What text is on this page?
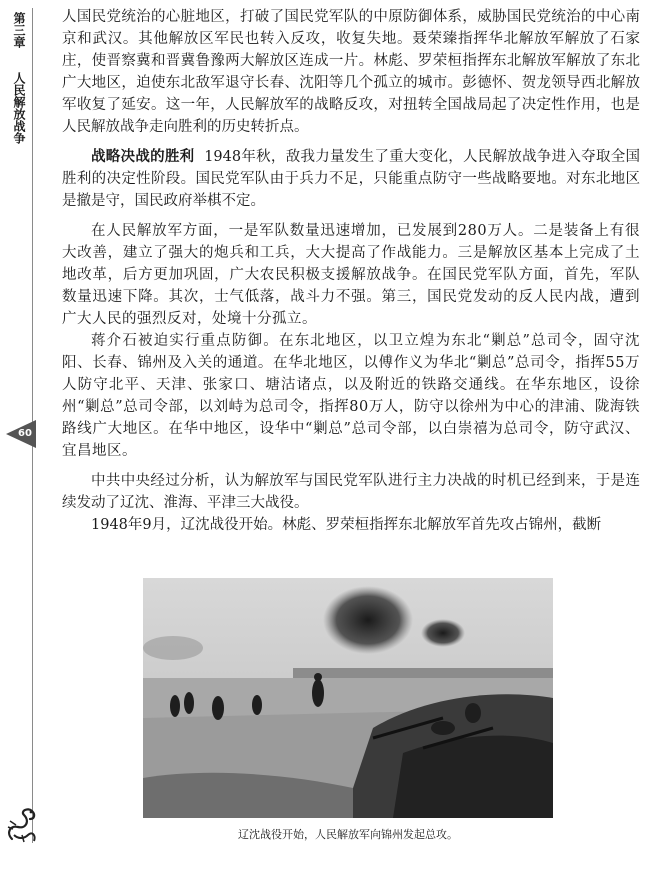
第三章
人民解放战争
60

人国民党统治的心脏地区，打破了国民党军队的中原防御体系，威胁国民党统治的中心南京和武汉。其他解放区军民也转入反攻，收复失地。聂荣臻指挥华北解放军解放了石家庄，使晋察冀和晋冀鲁豫两大解放区连成一片。林彪、罗荣桓指挥东北解放军解放了东北广大地区，迫使东北敌军退守长春、沈阳等几个孤立的城市。彭德怀、贺龙领导西北解放军收复了延安。这一年，人民解放军的战略反攻，对扭转全国战局起了决定性作用，也是人民解放战争走向胜利的历史转折点。

战略决战的胜利 1948年秋，敌我力量发生了重大变化，人民解放战争进入夺取全国胜利的决定性阶段。国民党军队由于兵力不足，只能重点防守一些战略要地。对东北地区是撤是守，国民政府举棋不定。

在人民解放军方面，一是军队数量迅速增加，已发展到280万人。二是装备上有很大改善，建立了强大的炮兵和工兵，大大提高了作战能力。三是解放区基本上完成了土地改革，后方更加巩固，广大农民积极支援解放战争。在国民党军队方面，首先，军队数量迅速下降。其次，士气低落，战斗力不强。第三，国民党发动的反人民内战，遭到广大人民的强烈反对，处境十分孤立。

蒋介石被迫实行重点防御。在东北地区，以卫立煌为东北“剿总”总司令，固守沈阳、长春、锦州及入关的通道。在华北地区，以傅作义为华北“剿总”总司令，指挥55万人防守北平、天津、张家口、塘沽诸点，以及附近的铁路交通线。在华东地区，设徐州“剿总”总司令部，以刘峙为总司令，指挥80万人，防守以徐州为中心的津浦、陇海铁路线广大地区。在华中地区，设华中“剿总”总司令部，以白崇禧为总司令，防守武汉、宜昌地区。

中共中央经过分析，认为解放军与国民党军队进行主力决战的时机已经到来，于是连续发动了辽沈、淮海、平津三大战役。

1948年9月，辽沈战役开始。林彪、罗荣桓指挥东北解放军首先攻占锦州，截断

辽沈战役开始，人民解放军向锦州发起总攻。
